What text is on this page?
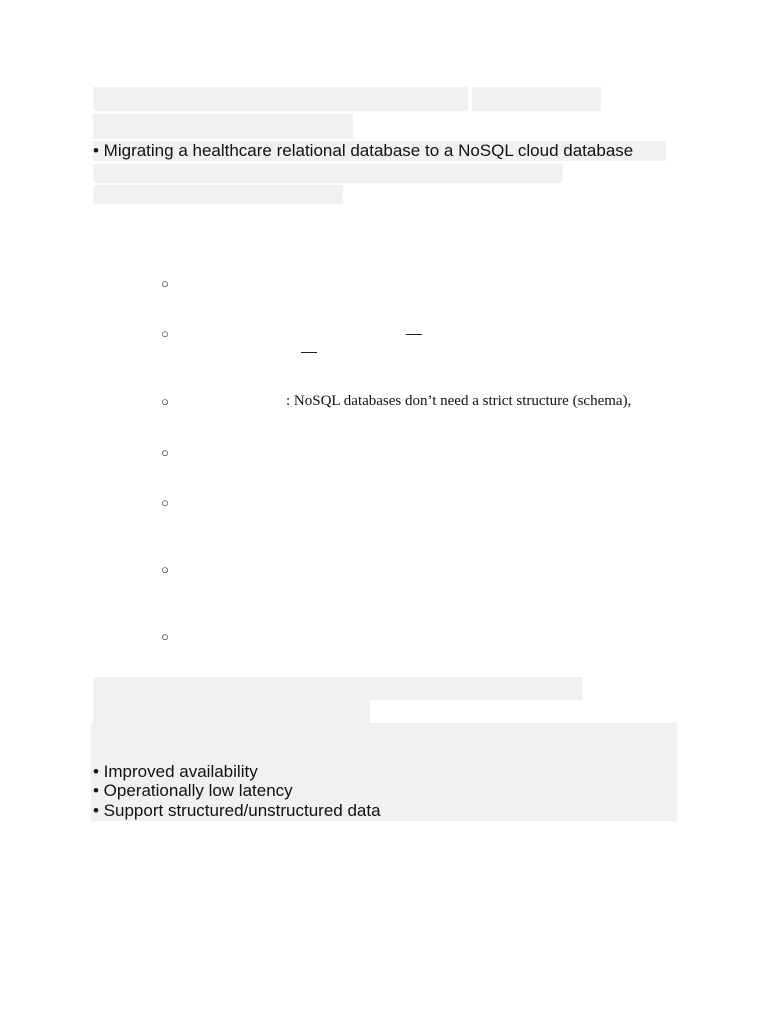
• Migrating a healthcare relational database to a NoSQL cloud database
○
○
○	: NoSQL databases don’t need a strict structure (schema),
○
○
○
○
• Improved availability
• Operationally low latency
• Support structured/unstructured data
